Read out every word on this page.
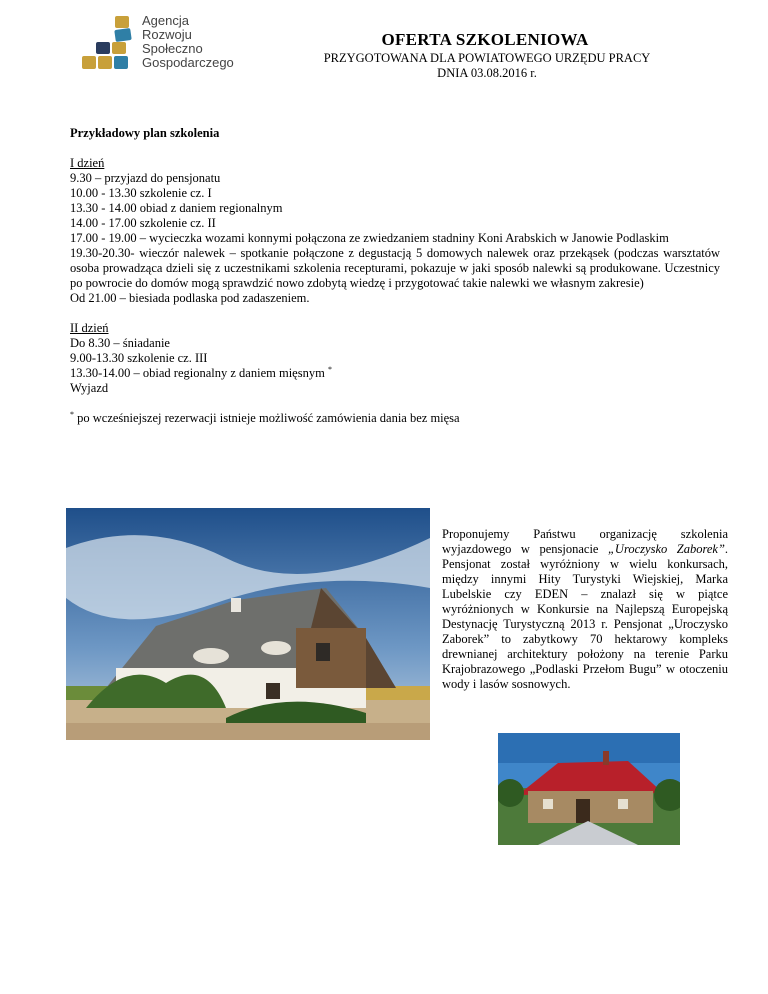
Agencja
Rozwoju
Społeczno
Gospodarczego
OFERTA SZKOLENIOWA
PRZYGOTOWANA DLA POWIATOWEGO URZĘDU PRACY
DNIA 03.08.2016 r.
Przykładowy plan szkolenia
I dzień
9.30 – przyjazd do pensjonatu
10.00 - 13.30 szkolenie cz. I
13.30 - 14.00 obiad z daniem regionalnym
14.00 - 17.00 szkolenie cz. II
17.00 - 19.00 – wycieczka wozami konnymi połączona ze zwiedzaniem stadniny Koni Arabskich w Janowie Podlaskim
19.30-20.30- wieczór nalewek – spotkanie połączone z degustacją 5 domowych nalewek oraz przekąsek (podczas warsztatów osoba prowadząca dzieli się z uczestnikami szkolenia recepturami, pokazuje w jaki sposób nalewki są produkowane. Uczestnicy po powrocie do domów mogą sprawdzić nowo zdobytą wiedzę i przygotować takie nalewki we własnym zakresie)
Od 21.00 – biesiada podlaska pod zadaszeniem.
II dzień
Do 8.30 – śniadanie
9.00-13.30 szkolenie cz. III
13.30-14.00 – obiad regionalny z daniem mięsnym *
Wyjazd
* po wcześniejszej rezerwacji istnieje możliwość zamówienia dania bez mięsa
Proponujemy Państwu organizację szkolenia wyjazdowego w pensjonacie „Uroczysko Zaborek”. Pensjonat został wyróżniony w wielu konkursach, między innymi Hity Turystyki Wiejskiej, Marka Lubelskie czy EDEN – znalazł się w piątce wyróżnionych w Konkursie na Najlepszą Europejską Destynację Turystyczną 2013 r. Pensjonat „Uroczysko Zaborek” to zabytkowy 70 hektarowy kompleks drewnianej architektury położony na terenie Parku Krajobrazowego „Podlaski Przełom Bugu” w otoczeniu wody i lasów sosnowych.
